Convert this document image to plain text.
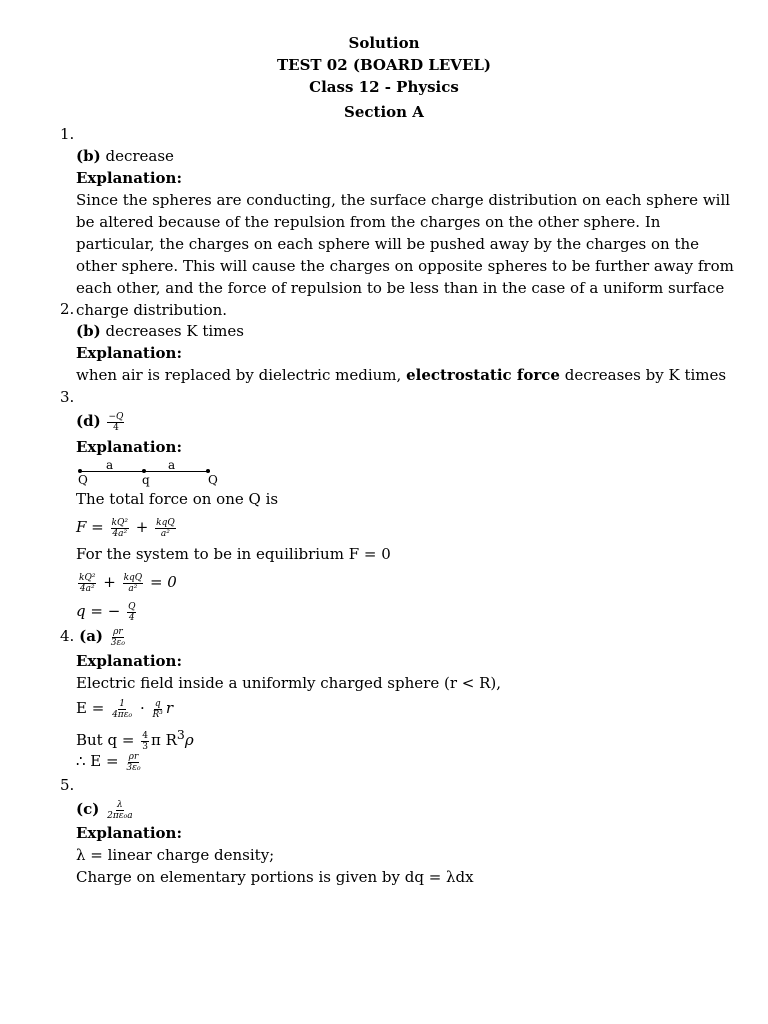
Solution
TEST 02 (BOARD LEVEL)
Class 12 - Physics
Section A
1.
(b) decrease
Explanation:
Since the spheres are conducting, the surface charge distribution on each sphere will be altered because of the repulsion from the charges on the other sphere. In particular, the charges on each sphere will be pushed away by the charges on the other sphere. This will cause the charges on opposite spheres to be further away from each other, and the force of repulsion to be less than in the case of a uniform surface charge distribution.
2.
(b) decreases K times
Explanation:
when air is replaced by dielectric medium, electrostatic force decreases by K times
3.
$(d) \frac{-Q}{4}$
Explanation:
a	a
Q	q	Q
The total force on one Q is
$F = \frac{\text{kQ²}}{\text{4a²}} + \frac{\text{kqQ}}{\text{a²}}$
For the system to be in equilibrium F = 0
$\frac{\text{kQ²}}{\text{4a²}} + \frac{\text{kqQ}}{\text{a²}} = 0$
q = − $\frac{Q}{4}$
4. $(a) \frac{\rho r}{\text{3ε₀}}$
Explanation:
Electric field inside a uniformly charged sphere (r < R),
$E = \frac{1}{\text{4πε₀}} \cdot \frac{q}{\text{R³}}$ r
But $q = \frac{4}{3}$ π $R^3\rho$
∴ $E = \frac{\rho r}{\text{3ε₀}}$
5.
$(c) \frac{\lambda}{\text{2πε₀a}}$
Explanation:
λ = linear charge density;
Charge on elementary portions is given by dq = λdx
